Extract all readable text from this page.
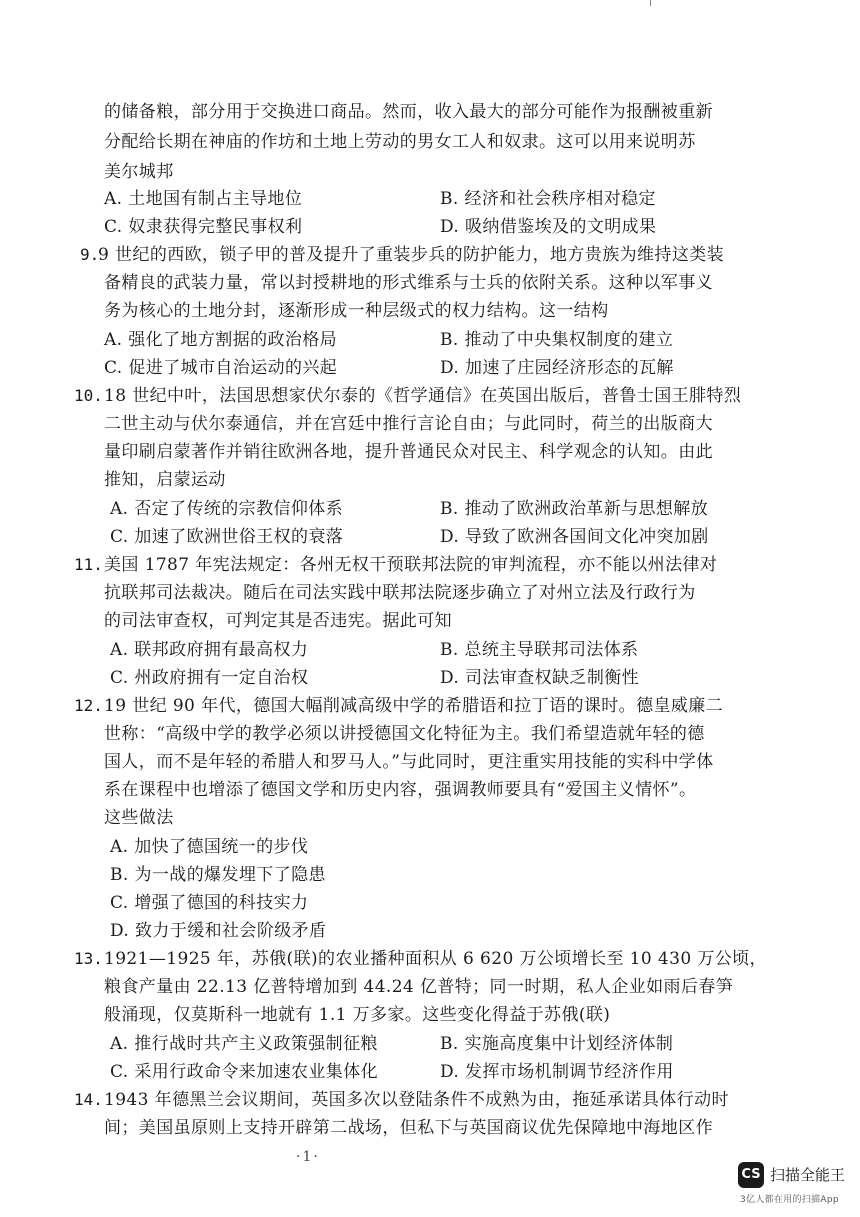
的储备粮，部分用于交换进口商品。然而，收入最大的部分可能作为报酬被重新
分配给长期在神庙的作坊和土地上劳动的男女工人和奴隶。这可以用来说明苏
美尔城邦
A. 土地国有制占主导地位	B. 经济和社会秩序相对稳定
C. 奴隶获得完整民事权利	D. 吸纳借鉴埃及的文明成果
9.
9 世纪的西欧，锁子甲的普及提升了重装步兵的防护能力，地方贵族为维持这类装
备精良的武装力量，常以封授耕地的形式维系与士兵的依附关系。这种以军事义
务为核心的土地分封，逐渐形成一种层级式的权力结构。这一结构
A. 强化了地方割据的政治格局	B. 推动了中央集权制度的建立
C. 促进了城市自治运动的兴起	D. 加速了庄园经济形态的瓦解
10. 18 世纪中叶，法国思想家伏尔泰的《哲学通信》在英国出版后，普鲁士国王腓特烈
二世主动与伏尔泰通信，并在宫廷中推行言论自由；与此同时，荷兰的出版商大
量印刷启蒙著作并销往欧洲各地，提升普通民众对民主、科学观念的认知。由此
推知，启蒙运动
A. 否定了传统的宗教信仰体系	B. 推动了欧洲政治革新与思想解放
C. 加速了欧洲世俗王权的衰落	D. 导致了欧洲各国间文化冲突加剧
11. 美国 1787 年宪法规定：各州无权干预联邦法院的审判流程，亦不能以州法律对
抗联邦司法裁决。随后在司法实践中联邦法院逐步确立了对州立法及行政行为
的司法审查权，可判定其是否违宪。据此可知
A. 联邦政府拥有最高权力	B. 总统主导联邦司法体系
C. 州政府拥有一定自治权	D. 司法审查权缺乏制衡性
12. 19 世纪 90 年代，德国大幅削减高级中学的希腊语和拉丁语的课时。德皇威廉二
世称：“高级中学的教学必须以讲授德国文化特征为主。我们希望造就年轻的德
国人，而不是年轻的希腊人和罗马人。”与此同时，更注重实用技能的实科中学体
系在课程中也增添了德国文学和历史内容，强调教师要具有“爱国主义情怀”。
这些做法
A. 加快了德国统一的步伐
B. 为一战的爆发埋下了隐患
C. 增强了德国的科技实力
D. 致力于缓和社会阶级矛盾
13. 1921—1925 年，苏俄(联)的农业播种面积从 6 620 万公顷增长至 10 430 万公顷，
粮食产量由 22.13 亿普特增加到 44.24 亿普特；同一时期，私人企业如雨后春笋
般涌现，仅莫斯科一地就有 1.1 万多家。这些变化得益于苏俄(联)
A. 推行战时共产主义政策强制征粮	B. 实施高度集中计划经济体制
C. 采用行政命令来加速农业集体化	D. 发挥市场机制调节经济作用
14. 1943 年德黑兰会议期间，英国多次以登陆条件不成熟为由，拖延承诺具体行动时
间；美国虽原则上支持开辟第二战场，但私下与英国商议优先保障地中海地区作
·1·
CS 扫描全能王
3亿人都在用的扫描App
